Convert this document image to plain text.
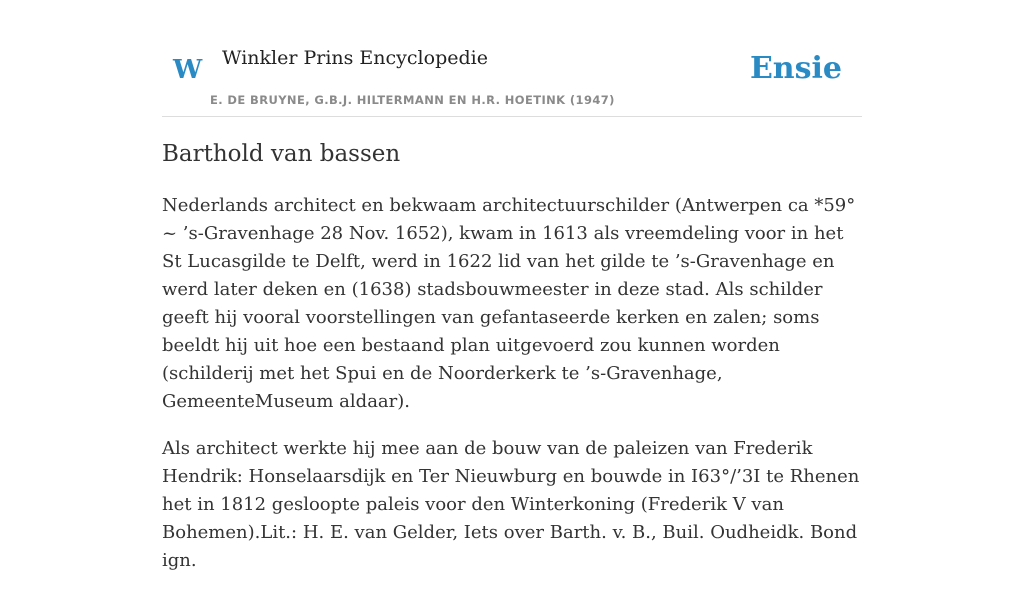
W Winkler Prins Encyclopedie	Ensie
E. DE BRUYNE, G.B.J. HILTERMANN EN H.R. HOETINK (1947)
Barthold van bassen

Nederlands architect en bekwaam architectuurschilder (Antwerpen ca *59° ~ ’s-Gravenhage 28 Nov. 1652), kwam in 1613 als vreemdeling voor in het St Lucasgilde te Delft, werd in 1622 lid van het gilde te ’s-Gravenhage en werd later deken en (1638) stadsbouwmeester in deze stad. Als schilder geeft hij vooral voorstellingen van gefantaseerde kerken en zalen; soms beeldt hij uit hoe een bestaand plan uitgevoerd zou kunnen worden (schilderij met het Spui en de Noorderkerk te ’s-Gravenhage, GemeenteMuseum aldaar).

Als architect werkte hij mee aan de bouw van de paleizen van Frederik Hendrik: Honselaarsdijk en Ter Nieuwburg en bouwde in I63°/’3I te Rhenen het in 1812 gesloopte paleis voor den Winterkoning (Frederik V van Bohemen).Lit.: H. E. van Gelder, Iets over Barth. v. B., Buil. Oudheidk. Bond ign.
